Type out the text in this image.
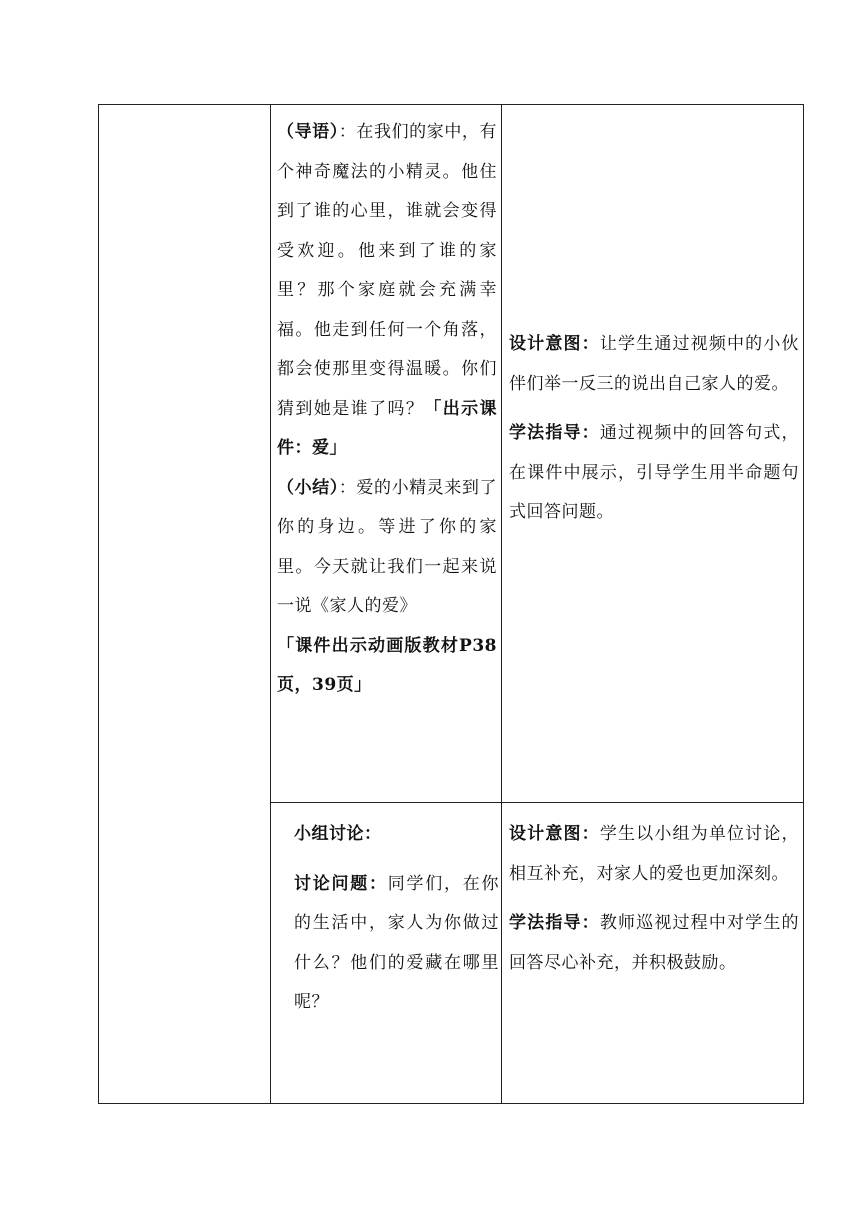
（导语）：在我们的家中，有个神奇魔法的小精灵。他住到了谁的心里，谁就会变得受欢迎。他来到了谁的家里？那个家庭就会充满幸福。他走到任何一个角落，都会使那里变得温暖。你们猜到她是谁了吗？「出示课件：爱」

（小结）：爱的小精灵来到了你的身边。等进了你的家里。今天就让我们一起来说一说《家人的爱》

「课件出示动画版教材P38页，39页」

设计意图：让学生通过视频中的小伙伴们举一反三的说出自己家人的爱。

学法指导：通过视频中的回答句式，在课件中展示，引导学生用半命题句式回答问题。

小组讨论：

讨论问题：同学们，在你的生活中，家人为你做过什么？他们的爱藏在哪里呢？

设计意图：学生以小组为单位讨论，相互补充，对家人的爱也更加深刻。

学法指导：教师巡视过程中对学生的回答尽心补充，并积极鼓励。
